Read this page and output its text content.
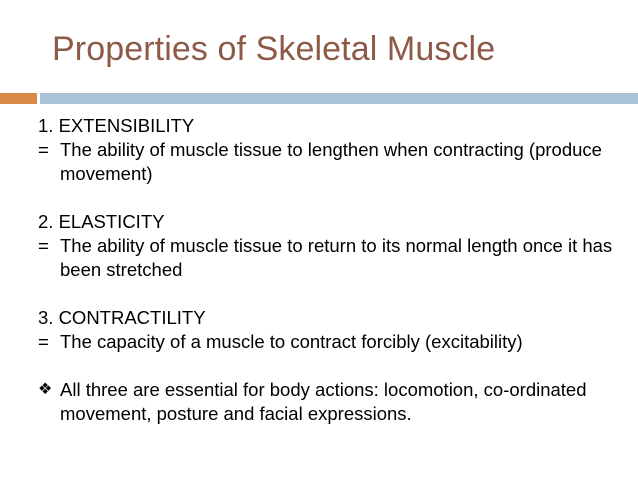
Properties of Skeletal Muscle

1. EXTENSIBILITY

= The ability of muscle tissue to lengthen when contracting (produce movement)

2. ELASTICITY

= The ability of muscle tissue to return to its normal length once it has been stretched

3. CONTRACTILITY

= The capacity of a muscle to contract forcibly (excitability)
❖ All three are essential for body actions: locomotion, co-ordinated movement, posture and facial expressions.
